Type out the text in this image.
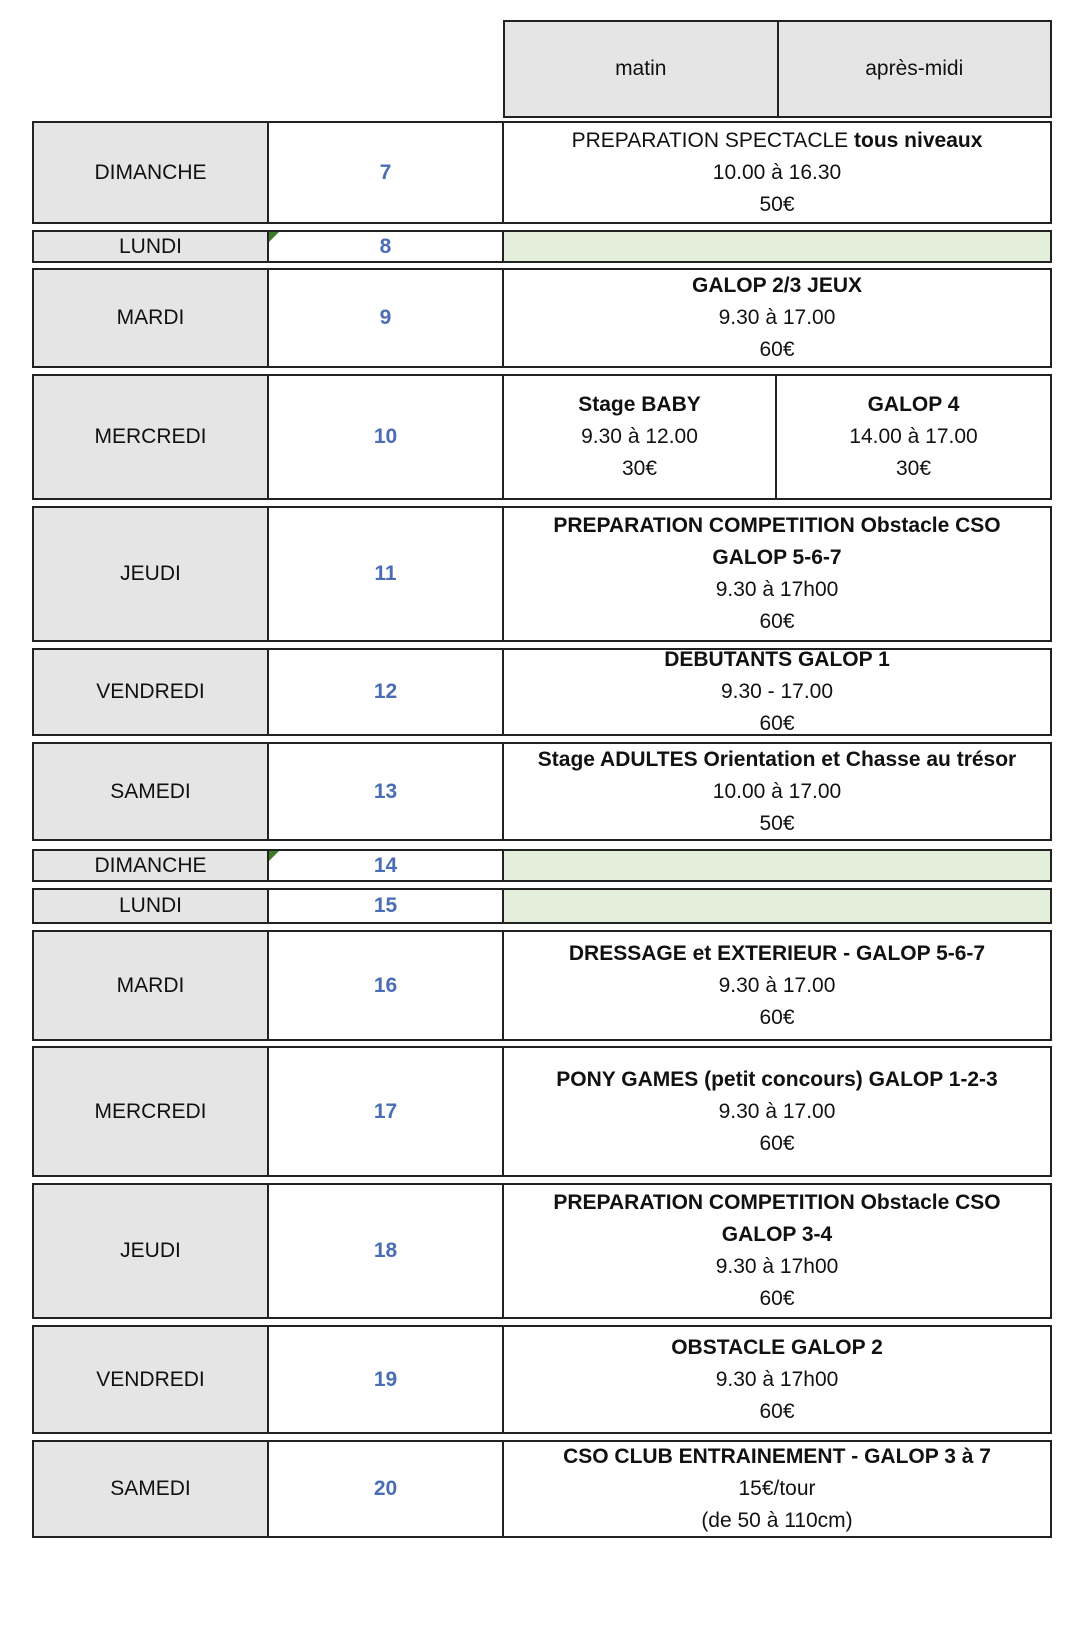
matin	après-midi
DIMANCHE	7
PREPARATION SPECTACLE tous niveaux
10.00 à 16.30
50€
LUNDI	8
MARDI	9
GALOP 2/3 JEUX
9.30 à 17.00
60€
MERCREDI	10
Stage BABY
9.30 à 12.00
30€
GALOP 4
14.00 à 17.00
30€
JEUDI	11
PREPARATION COMPETITION Obstacle CSO
GALOP 5-6-7
9.30 à 17h00
60€
VENDREDI	12
DEBUTANTS GALOP 1
9.30 - 17.00
60€
SAMEDI	13
Stage ADULTES Orientation et Chasse au trésor
10.00 à 17.00
50€
DIMANCHE	14
LUNDI	15
MARDI	16
DRESSAGE et EXTERIEUR - GALOP 5-6-7
9.30 à 17.00
60€
MERCREDI	17
PONY GAMES (petit concours) GALOP 1-2-3
9.30 à 17.00
60€
JEUDI	18
PREPARATION COMPETITION Obstacle CSO
GALOP 3-4
9.30 à 17h00
60€
VENDREDI	19
OBSTACLE GALOP 2
9.30 à 17h00
60€
SAMEDI	20
CSO CLUB ENTRAINEMENT - GALOP 3 à 7
15€/tour
(de 50 à 110cm)
